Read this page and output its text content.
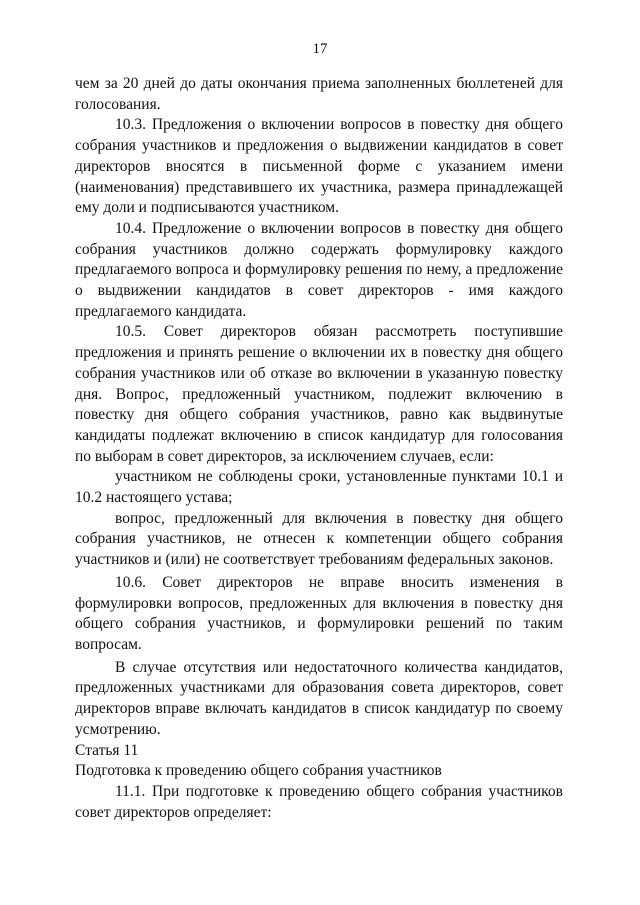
17

чем за 20 дней до даты окончания приема заполненных бюллетеней для голосования.

10.3. Предложения о включении вопросов в повестку дня общего собрания участников и предложения о выдвижении кандидатов в совет директоров вносятся в письменной форме с указанием имени (наименования) представившего их участника, размера принадлежащей ему доли и подписываются участником.

10.4. Предложение о включении вопросов в повестку дня общего собрания участников должно содержать формулировку каждого предлагаемого вопроса и формулировку решения по нему, а предложение о выдвижении кандидатов в совет директоров - имя каждого предлагаемого кандидата.

10.5. Совет директоров обязан рассмотреть поступившие предложения и принять решение о включении их в повестку дня общего собрания участников или об отказе во включении в указанную повестку дня. Вопрос, предложенный участником, подлежит включению в повестку дня общего собрания участников, равно как выдвинутые кандидаты подлежат включению в список кандидатур для голосования по выборам в совет директоров, за исключением случаев, если:

участником не соблюдены сроки, установленные пунктами 10.1 и 10.2 настоящего устава;

вопрос, предложенный для включения в повестку дня общего собрания участников, не отнесен к компетенции общего собрания участников и (или) не соответствует требованиям федеральных законов.

10.6. Совет директоров не вправе вносить изменения в формулировки вопросов, предложенных для включения в повестку дня общего собрания участников, и формулировки решений по таким вопросам.

В случае отсутствия или недостаточного количества кандидатов, предложенных участниками для образования совета директоров, совет директоров вправе включать кандидатов в список кандидатур по своему усмотрению.

Статья 11

Подготовка к проведению общего собрания участников

11.1. При подготовке к проведению общего собрания участников совет директоров определяет:
